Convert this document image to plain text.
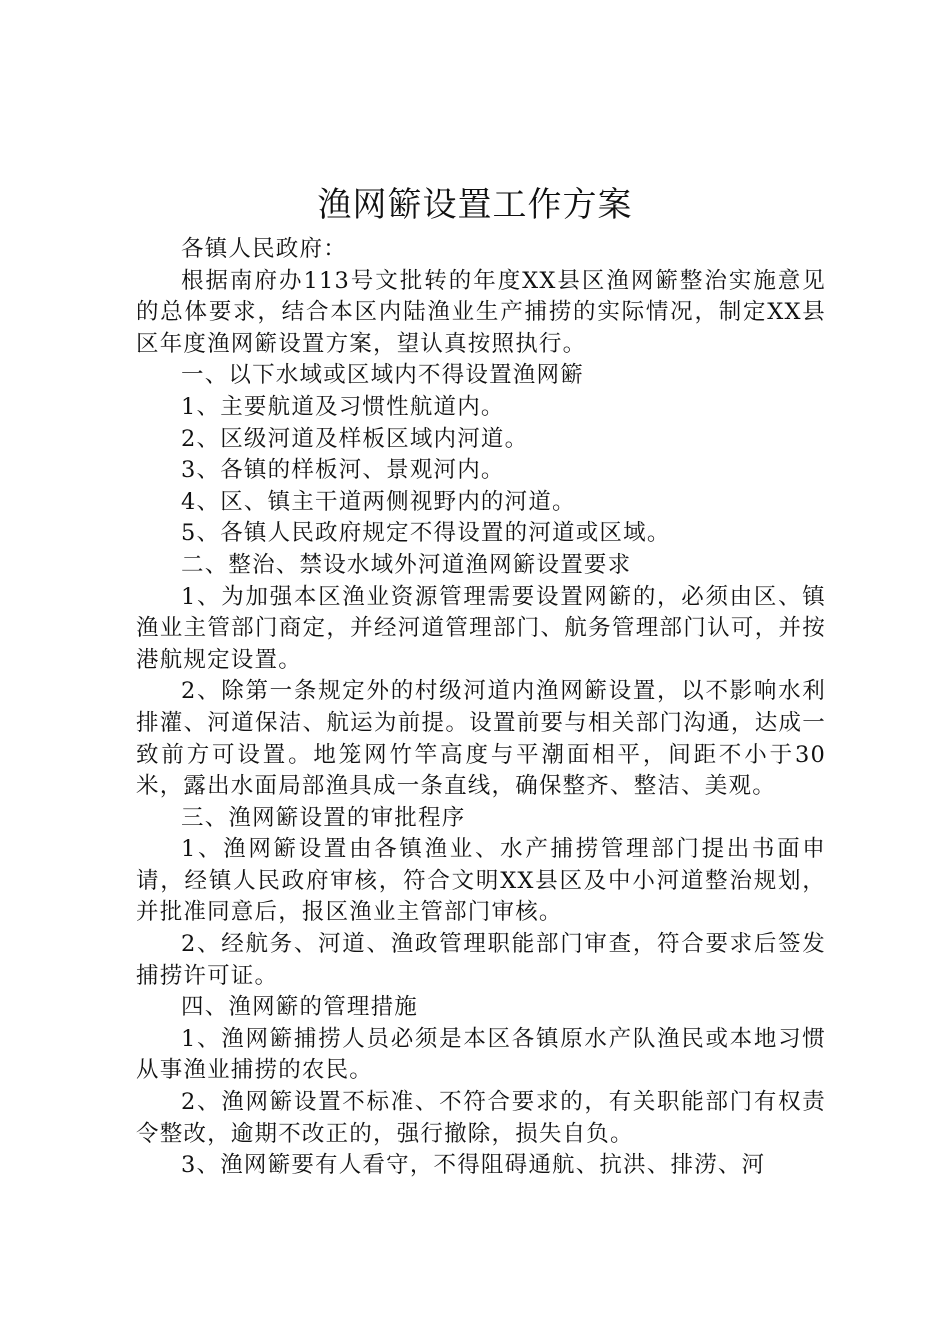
渔网簖设置工作方案

各镇人民政府：

根据南府办113号文批转的年度XX县区渔网簖整治实施意见的总体要求，结合本区内陆渔业生产捕捞的实际情况，制定XX县区年度渔网簖设置方案，望认真按照执行。

一、以下水域或区域内不得设置渔网簖

1、主要航道及习惯性航道内。

2、区级河道及样板区域内河道。

3、各镇的样板河、景观河内。

4、区、镇主干道两侧视野内的河道。

5、各镇人民政府规定不得设置的河道或区域。

二、整治、禁设水域外河道渔网簖设置要求

1、为加强本区渔业资源管理需要设置网簖的，必须由区、镇渔业主管部门商定，并经河道管理部门、航务管理部门认可，并按港航规定设置。

2、除第一条规定外的村级河道内渔网簖设置，以不影响水利排灌、河道保洁、航运为前提。设置前要与相关部门沟通，达成一致前方可设置。地笼网竹竿高度与平潮面相平，间距不小于30米，露出水面局部渔具成一条直线，确保整齐、整洁、美观。

三、渔网簖设置的审批程序

1、渔网簖设置由各镇渔业、水产捕捞管理部门提出书面申请，经镇人民政府审核，符合文明XX县区及中小河道整治规划，并批准同意后，报区渔业主管部门审核。

2、经航务、河道、渔政管理职能部门审查，符合要求后签发捕捞许可证。

四、渔网簖的管理措施

1、渔网簖捕捞人员必须是本区各镇原水产队渔民或本地习惯从事渔业捕捞的农民。

2、渔网簖设置不标准、不符合要求的，有关职能部门有权责令整改，逾期不改正的，强行撤除，损失自负。

3、渔网簖要有人看守，不得阻碍通航、抗洪、排涝、河
